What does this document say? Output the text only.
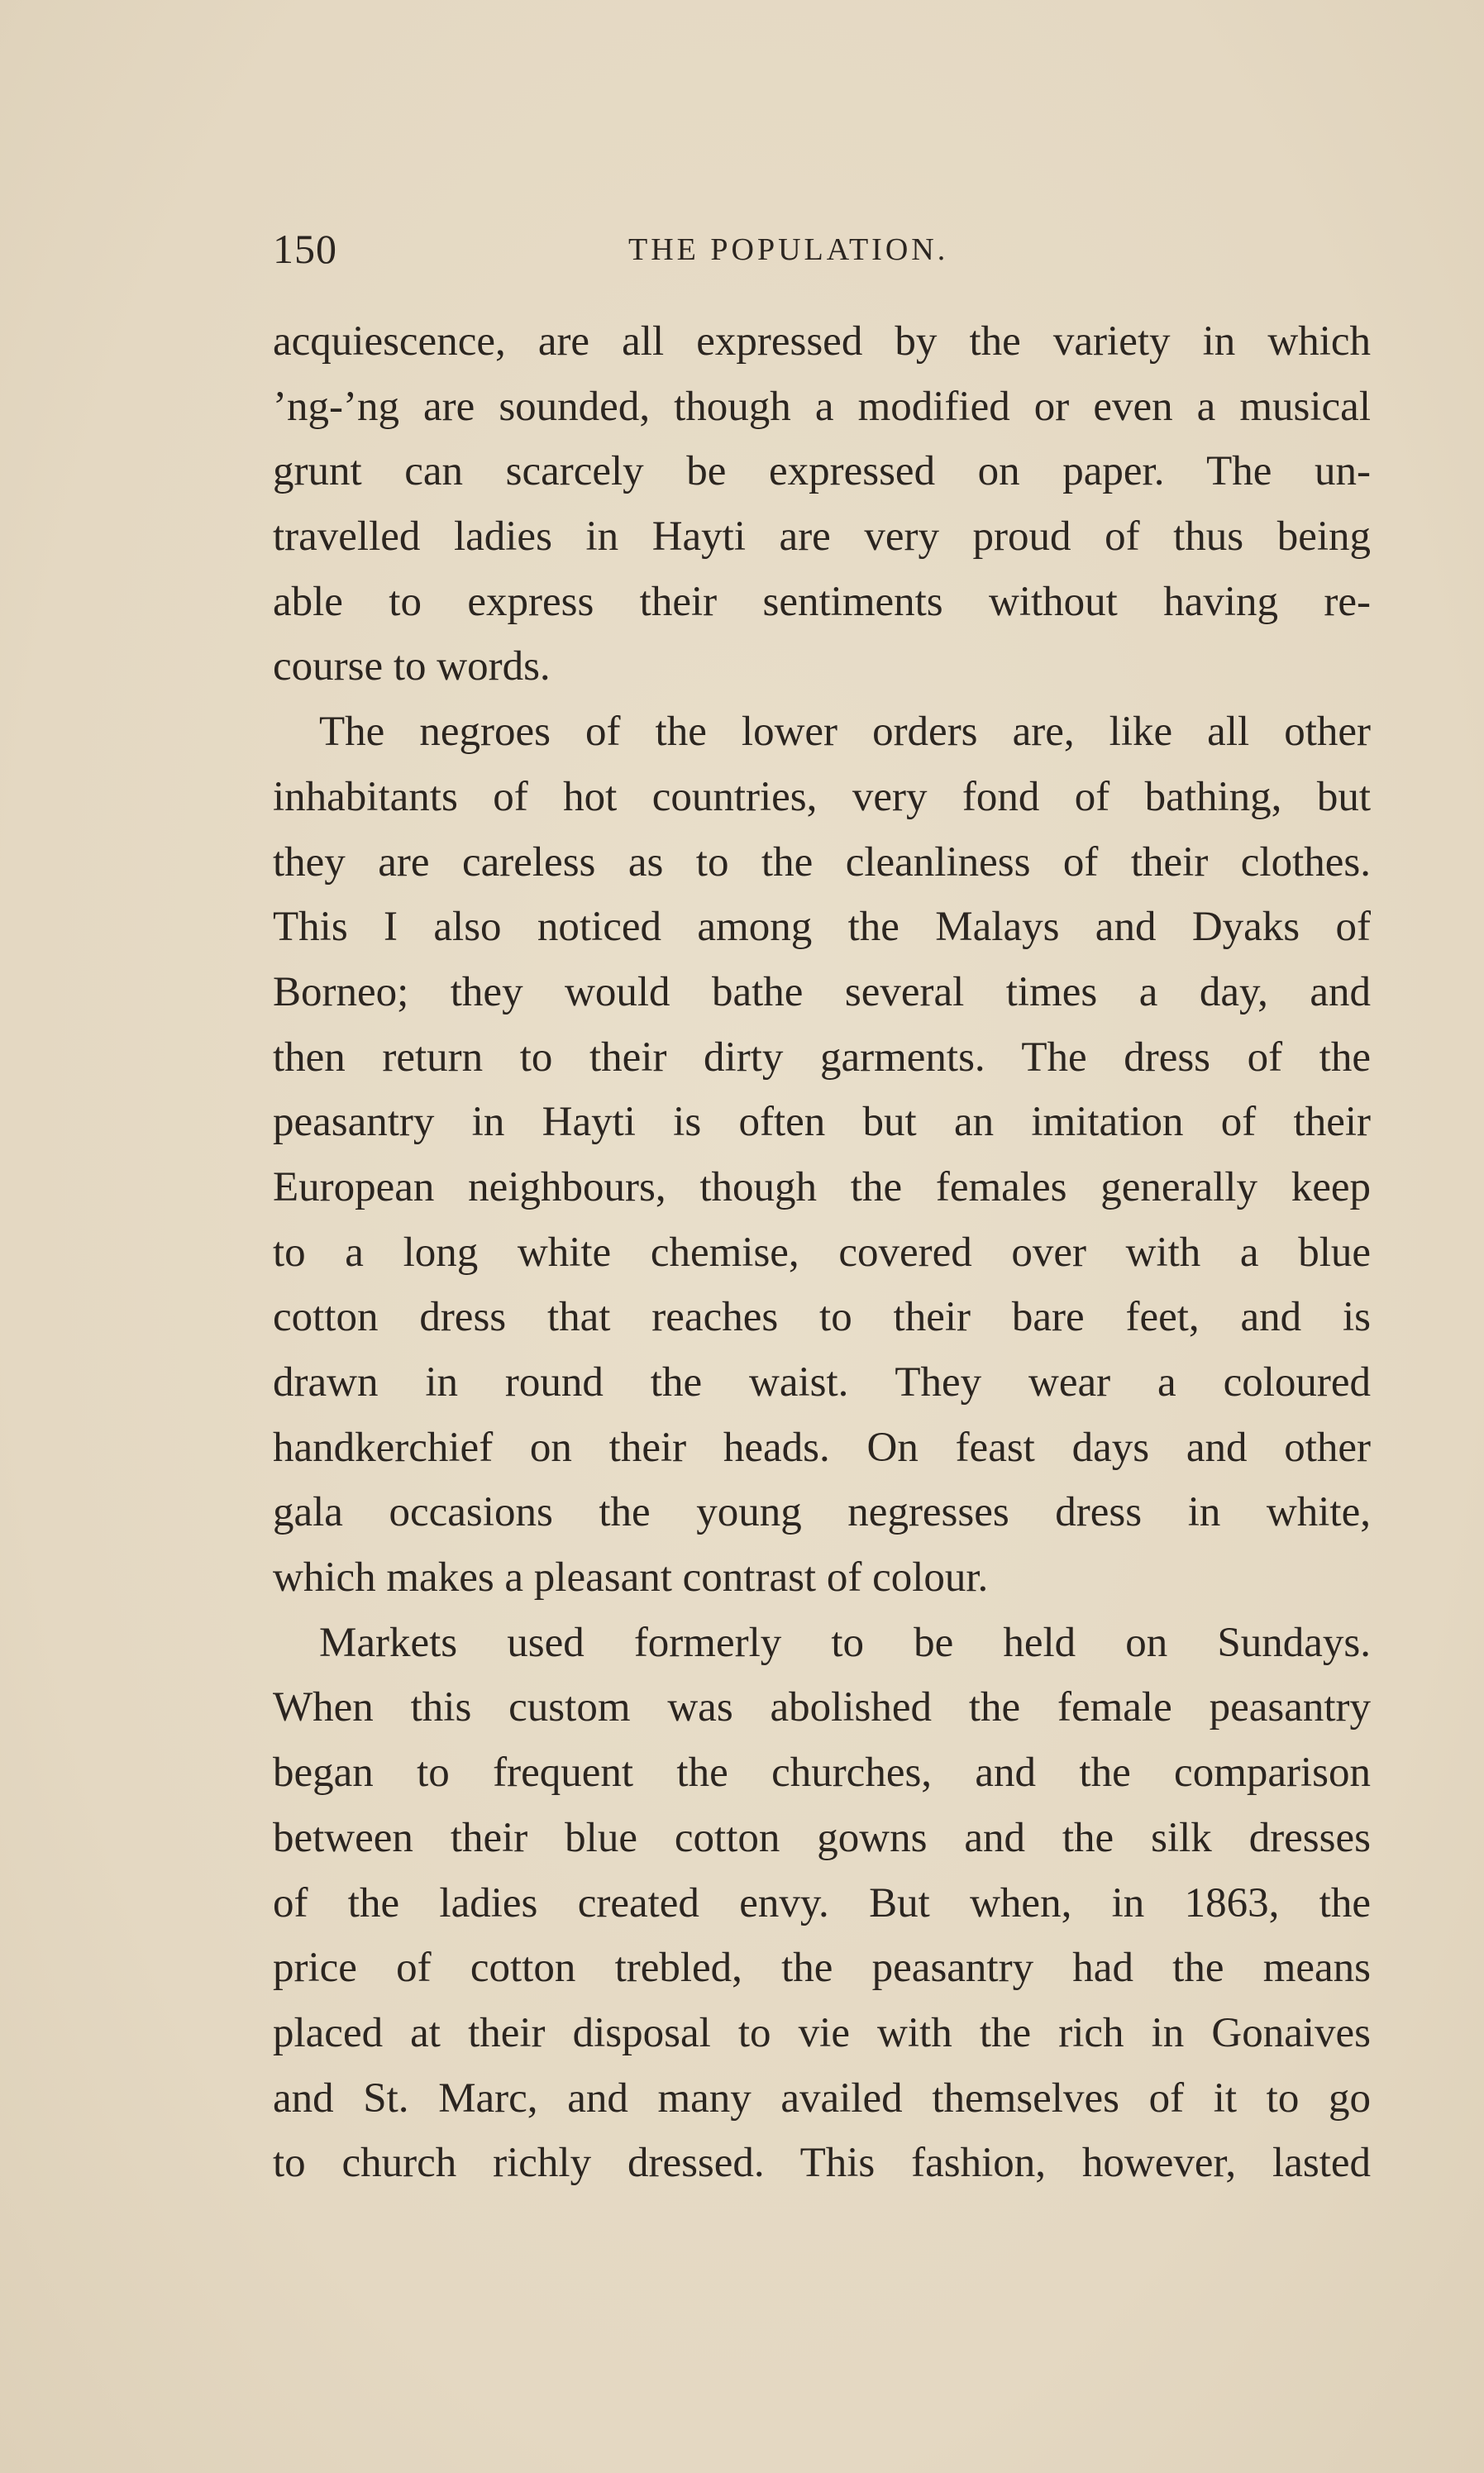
150	THE POPULATION.
acquiescence, are all expressed by the variety in which
’ng-’ng are sounded, though a modified or even a musical
grunt can scarcely be expressed on paper. The un-
travelled ladies in Hayti are very proud of thus being
able to express their sentiments without having re-
course to words.
The negroes of the lower orders are, like all other
inhabitants of hot countries, very fond of bathing, but
they are careless as to the cleanliness of their clothes.
This I also noticed among the Malays and Dyaks of
Borneo; they would bathe several times a day, and
then return to their dirty garments. The dress of the
peasantry in Hayti is often but an imitation of their
European neighbours, though the females generally keep
to a long white chemise, covered over with a blue
cotton dress that reaches to their bare feet, and is
drawn in round the waist. They wear a coloured
handkerchief on their heads. On feast days and other
gala occasions the young negresses dress in white,
which makes a pleasant contrast of colour.
Markets used formerly to be held on Sundays.
When this custom was abolished the female peasantry
began to frequent the churches, and the comparison
between their blue cotton gowns and the silk dresses
of the ladies created envy. But when, in 1863, the
price of cotton trebled, the peasantry had the means
placed at their disposal to vie with the rich in Gonaives
and St. Marc, and many availed themselves of it to go
to church richly dressed. This fashion, however, lasted
